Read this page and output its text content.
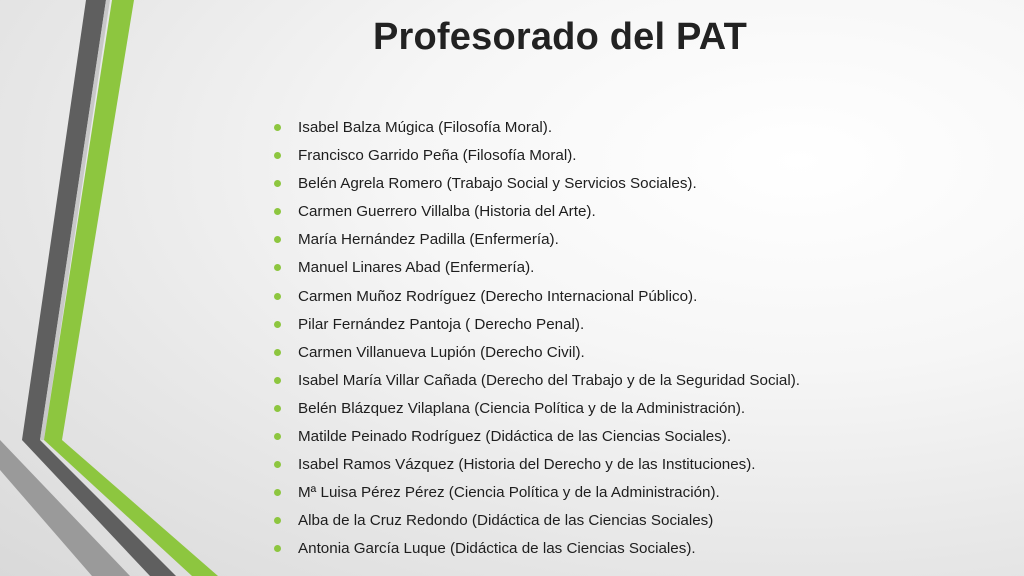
Profesorado del PAT
Isabel Balza Múgica (Filosofía Moral).
Francisco Garrido Peña (Filosofía Moral).
Belén Agrela Romero (Trabajo Social y Servicios Sociales).
Carmen Guerrero Villalba (Historia del Arte).
María Hernández Padilla (Enfermería).
Manuel Linares Abad (Enfermería).
Carmen Muñoz Rodríguez (Derecho Internacional Público).
Pilar Fernández Pantoja ( Derecho Penal).
Carmen Villanueva Lupión (Derecho Civil).
Isabel María Villar Cañada (Derecho del Trabajo y de la Seguridad Social).
Belén Blázquez Vilaplana (Ciencia Política y de la Administración).
Matilde Peinado Rodríguez (Didáctica de las Ciencias Sociales).
Isabel Ramos Vázquez (Historia del Derecho y de las Instituciones).
Mª Luisa Pérez Pérez (Ciencia Política y de la Administración).
Alba de la Cruz Redondo (Didáctica de las Ciencias Sociales)
Antonia García Luque (Didáctica de las Ciencias Sociales).
